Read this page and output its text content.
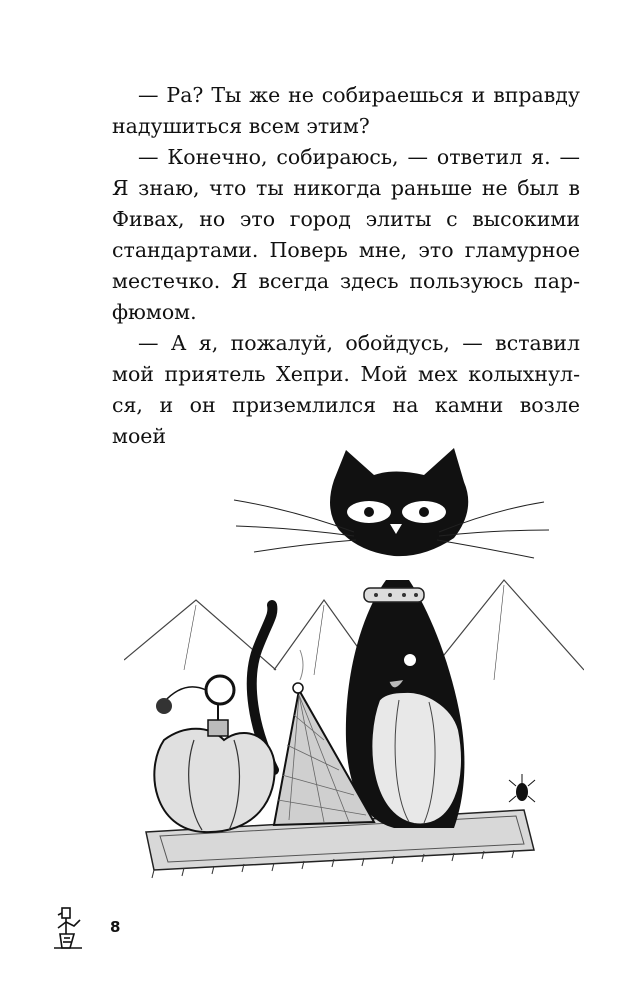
— Ра? Ты же не собираешься и вправду надушиться всем этим?

— Конечно, собираюсь, — ответил я. — Я знаю, что ты никогда раньше не был в Фивах, но это город элиты с высокими стандартами. Поверь мне, это гламурное местечко. Я всегда здесь пользуюсь парфюмом.

— А я, пожалуй, обойдусь, — вставил мой приятель Хепри. Мой мех колыхнулся, и он приземлился на камни возле моей

8
